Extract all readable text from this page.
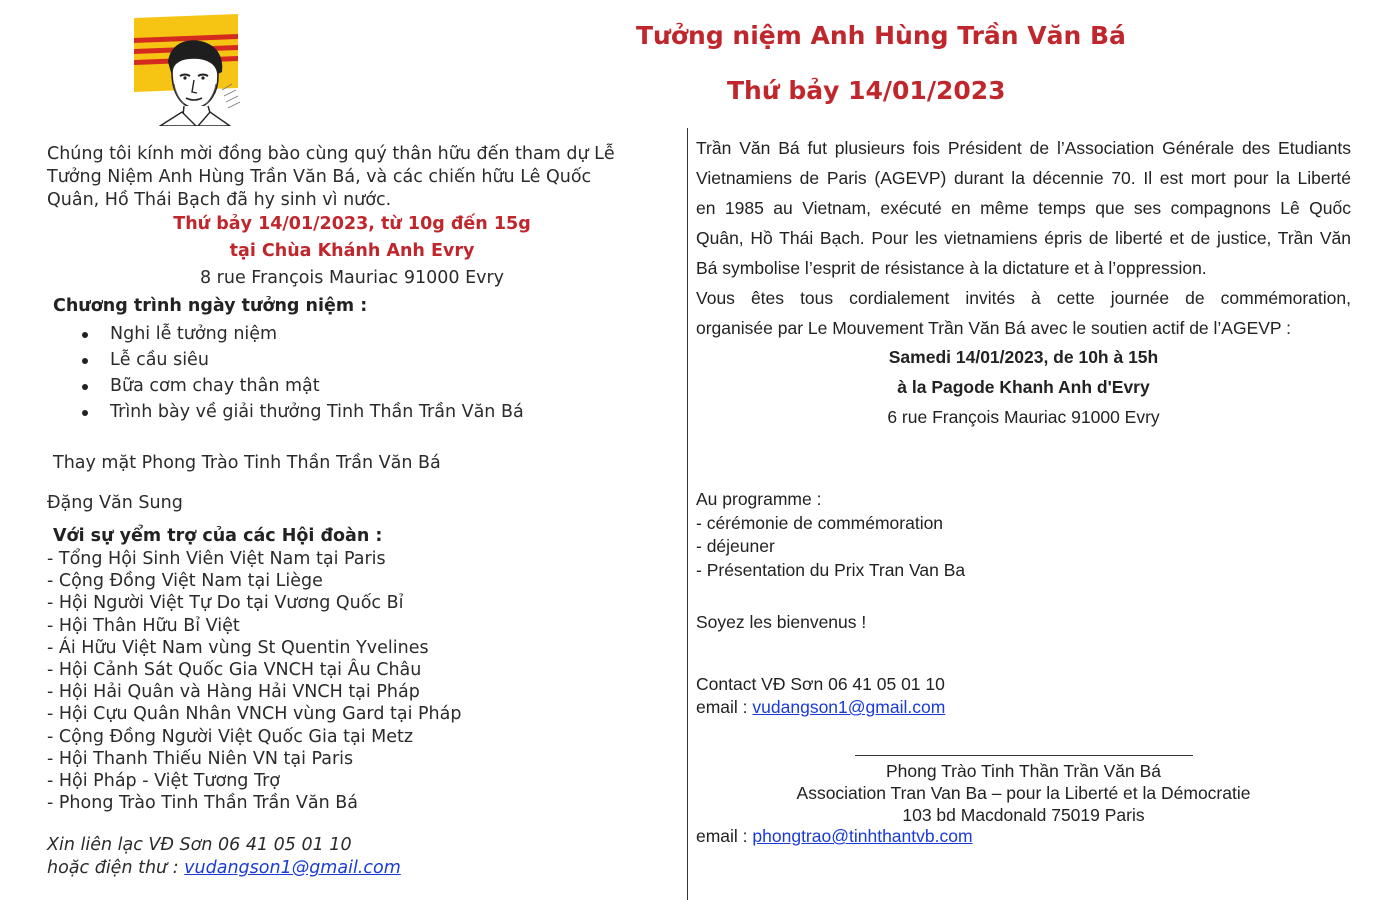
Tưởng niệm Anh Hùng Trần Văn Bá
Thứ bảy 14/01/2023
Chúng tôi kính mời đồng bào cùng quý thân hữu đến tham dự Lễ Tưởng Niệm Anh Hùng Trần Văn Bá, và các chiến hữu Lê Quốc Quân, Hồ Thái Bạch đã hy sinh vì nước.
Thứ bảy 14/01/2023, từ 10g đến 15g
tại Chùa Khánh Anh Evry
8 rue François Mauriac 91000 Evry
Chương trình ngày tưởng niệm :
Nghi lễ tưởng niệm
Lễ cầu siêu
Bữa cơm chay thân mật
Trình bày về giải thưởng Tinh Thần Trần Văn Bá
Thay mặt Phong Trào Tinh Thần Trần Văn Bá
Đặng Văn Sung
Với sự yểm trợ của các Hội đoàn :
- Tổng Hội Sinh Viên Việt Nam tại Paris
- Cộng Đồng Việt Nam tại Liège
- Hội Người Việt Tự Do tại Vương Quốc Bỉ
- Hội Thân Hữu Bỉ Việt
- Ái Hữu Việt Nam vùng St Quentin Yvelines
- Hội Cảnh Sát Quốc Gia VNCH tại Âu Châu
- Hội Hải Quân và Hàng Hải VNCH tại Pháp
- Hội Cựu Quân Nhân VNCH vùng Gard tại Pháp
- Cộng Đồng Người Việt Quốc Gia tại Metz
- Hội Thanh Thiếu Niên VN tại Paris
- Hội Pháp - Việt Tương Trợ
- Phong Trào Tinh Thần Trần Văn Bá
Xin liên lạc VĐ Sơn 06 41 05 01 10
hoặc điện thư : vudangson1@gmail.com
Trần Văn Bá fut plusieurs fois Président de l’Association Générale des Etudiants
Vietnamiens de Paris (AGEVP) durant la décennie 70. Il est mort pour la Liberté
en 1985 au Vietnam, exécuté en même temps que ses compagnons Lê Quốc
Quân, Hồ Thái Bạch. Pour les vietnamiens épris de liberté et de justice, Trần Văn
Bá symbolise l’esprit de résistance à la dictature et à l’oppression.
Vous êtes tous cordialement invités à cette journée de commémoration,
organisée par Le Mouvement Trần Văn Bá avec le soutien actif de l’AGEVP :
Samedi 14/01/2023, de 10h à 15h
à la Pagode Khanh Anh d'Evry
6 rue François Mauriac 91000 Evry
Au programme :
- cérémonie de commémoration
- déjeuner
- Présentation du Prix Tran Van Ba
Soyez les bienvenus !
Contact VĐ Sơn 06 41 05 01 10
email : vudangson1@gmail.com
Phong Trào Tinh Thần Trần Văn Bá
Association Tran Van Ba – pour la Liberté et la Démocratie
103 bd Macdonald 75019 Paris
email : phongtrao@tinhthantvb.com
